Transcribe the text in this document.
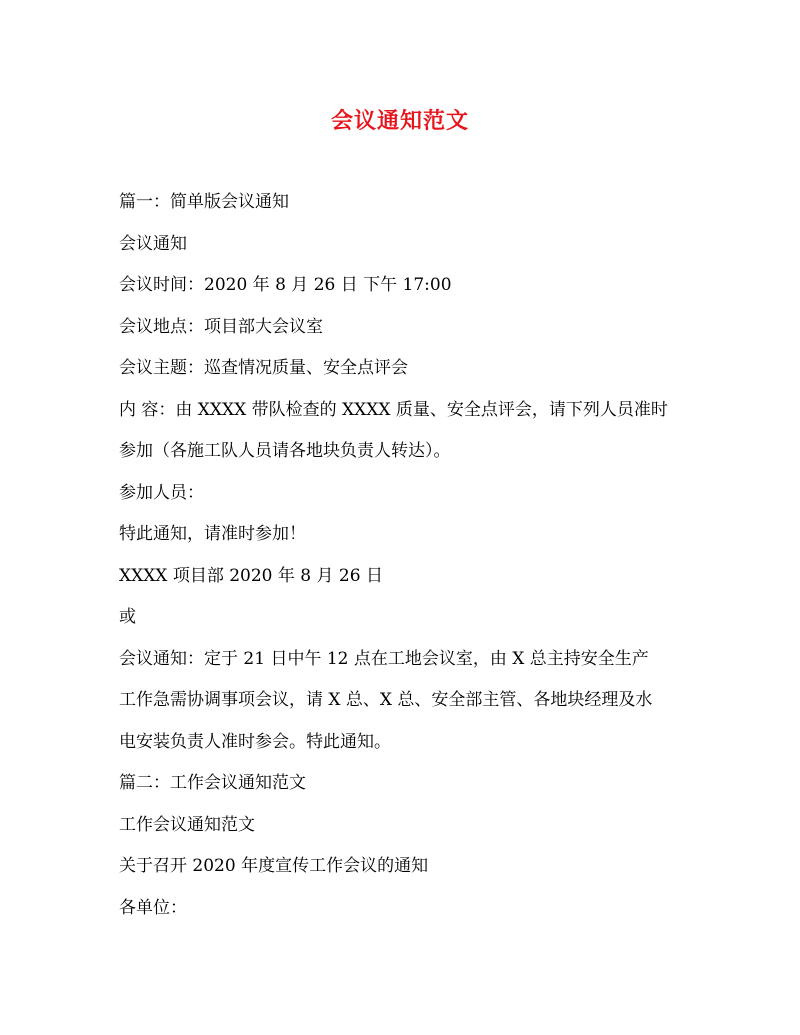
会议通知范文
篇一：简单版会议通知
会议通知
会议时间：2020 年 8 月 26 日 下午 17:00
会议地点：项目部大会议室
会议主题：巡查情况质量、安全点评会
内 容：由 XXXX 带队检查的 XXXX 质量、安全点评会，请下列人员准时
参加（各施工队人员请各地块负责人转达）。
参加人员：
特此通知，请准时参加！
XXXX 项目部 2020 年 8 月 26 日
或
会议通知：定于 21 日中午 12 点在工地会议室，由 X 总主持安全生产
工作急需协调事项会议，请 X 总、X 总、安全部主管、各地块经理及水
电安装负责人准时参会。特此通知。
篇二：工作会议通知范文
工作会议通知范文
关于召开 2020 年度宣传工作会议的通知
各单位：
